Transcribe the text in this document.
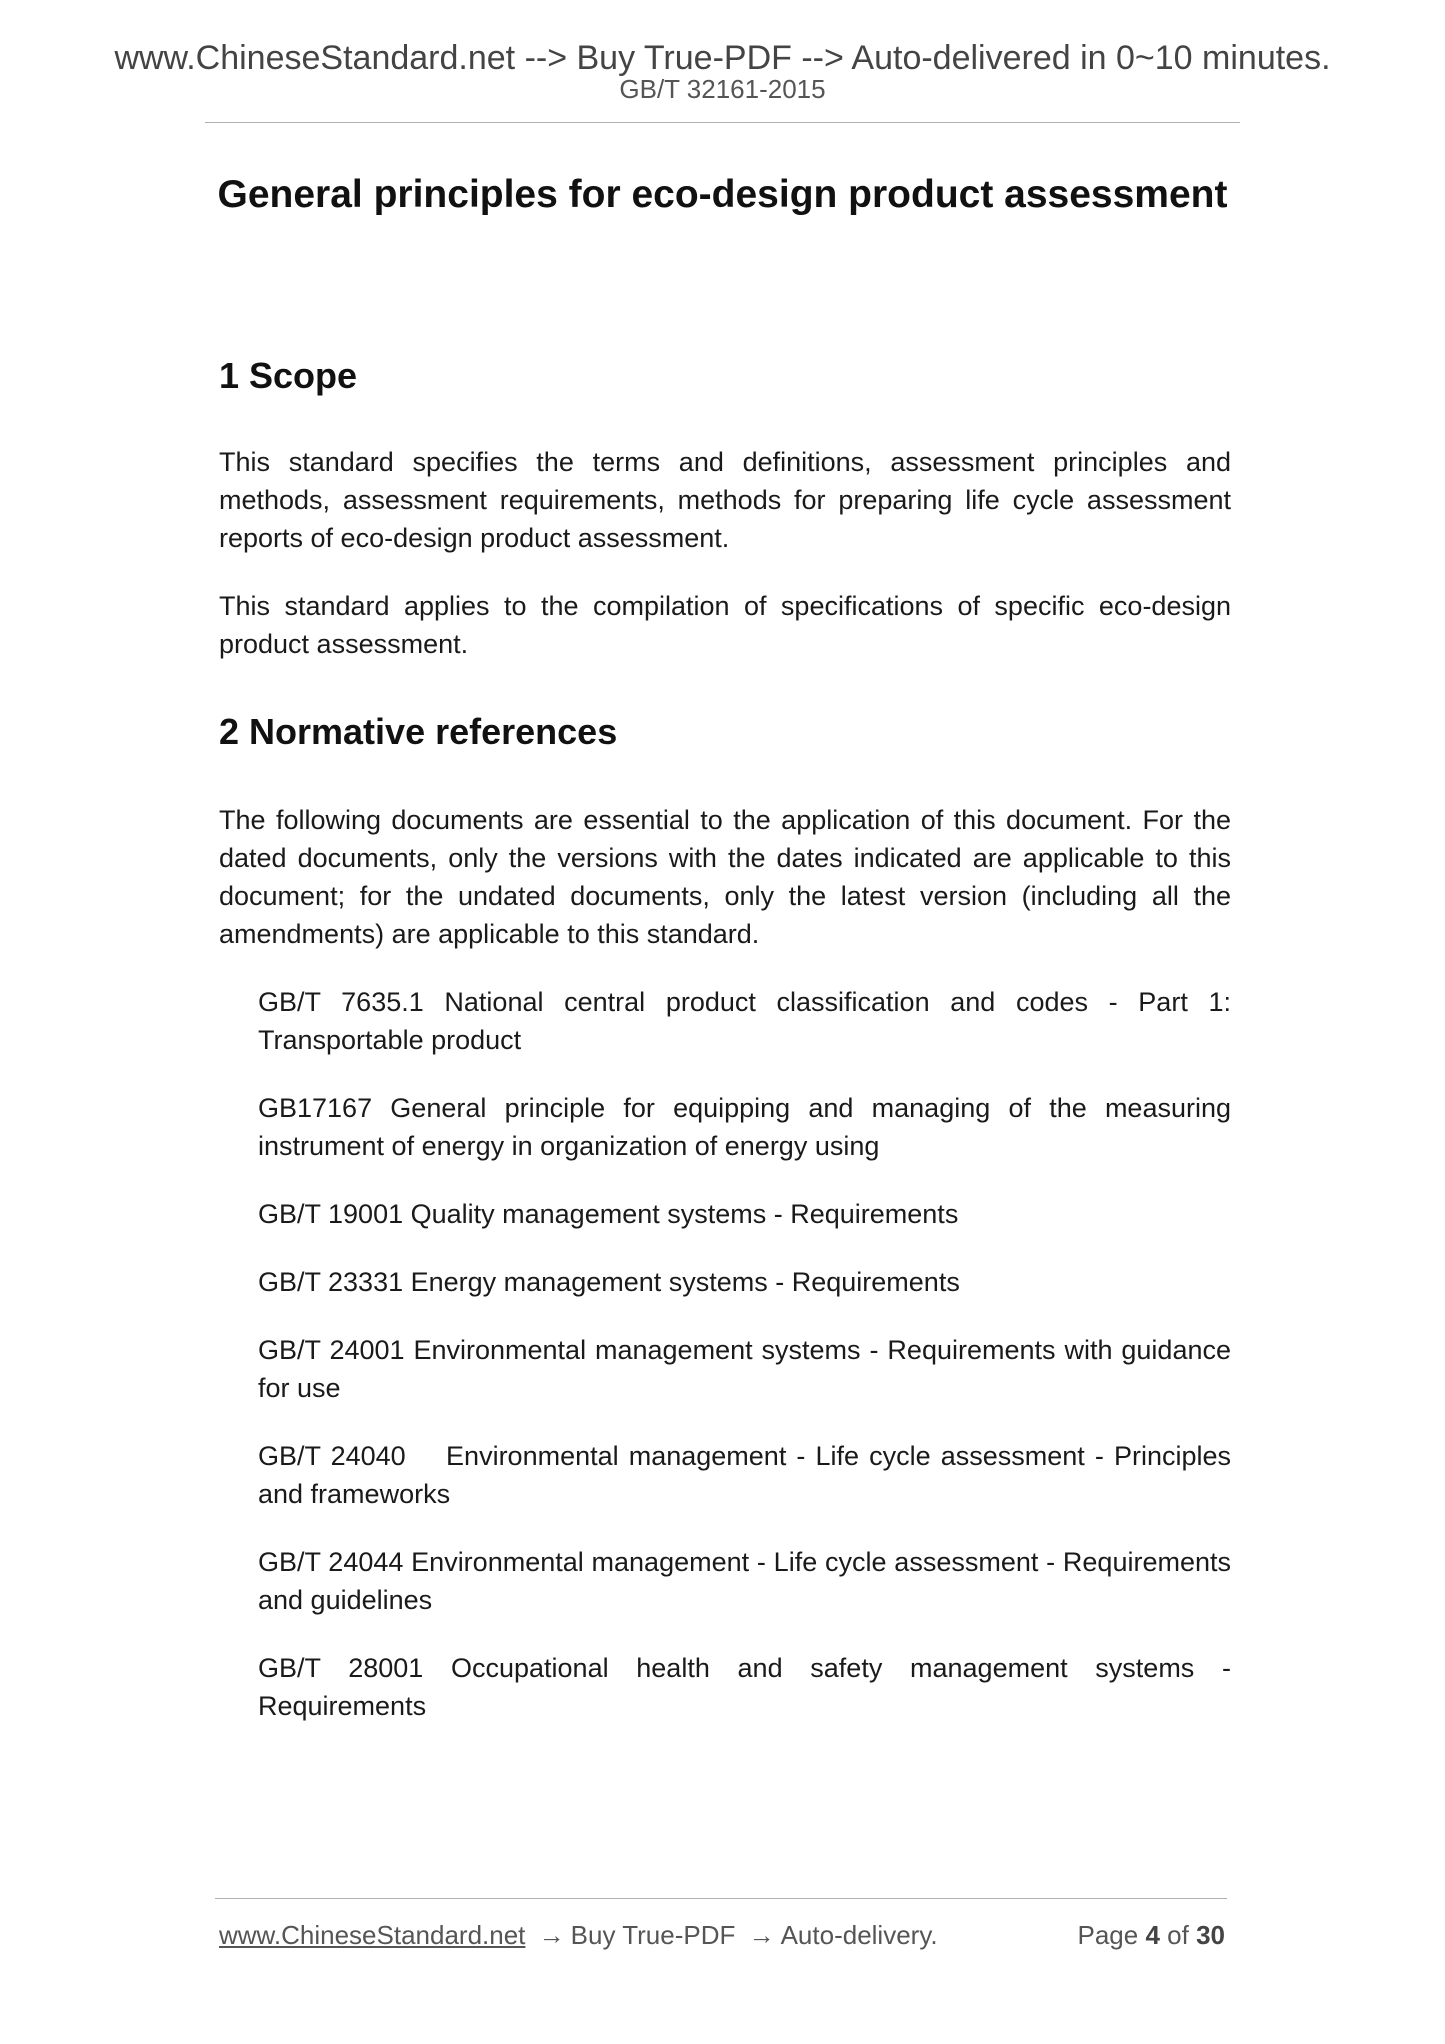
www.ChineseStandard.net --> Buy True-PDF --> Auto-delivered in 0~10 minutes.
GB/T 32161-2015
General principles for eco-design product assessment
1 Scope

This standard specifies the terms and definitions, assessment principles and methods, assessment requirements, methods for preparing life cycle assessment reports of eco-design product assessment.

This standard applies to the compilation of specifications of specific eco-design product assessment.

2 Normative references

The following documents are essential to the application of this document. For the dated documents, only the versions with the dates indicated are applicable to this document; for the undated documents, only the latest version (including all the amendments) are applicable to this standard.

GB/T 7635.1 National central product classification and codes - Part 1: Transportable product

GB17167 General principle for equipping and managing of the measuring instrument of energy in organization of energy using

GB/T 19001 Quality management systems - Requirements

GB/T 23331 Energy management systems - Requirements

GB/T 24001 Environmental management systems - Requirements with guidance for use

GB/T 24040    Environmental management - Life cycle assessment - Principles and frameworks

GB/T 24044 Environmental management - Life cycle assessment - Requirements and guidelines

GB/T 28001 Occupational health and safety management systems - Requirements

www.ChineseStandard.net → Buy True-PDF → Auto-delivery.	Page 4 of 30
